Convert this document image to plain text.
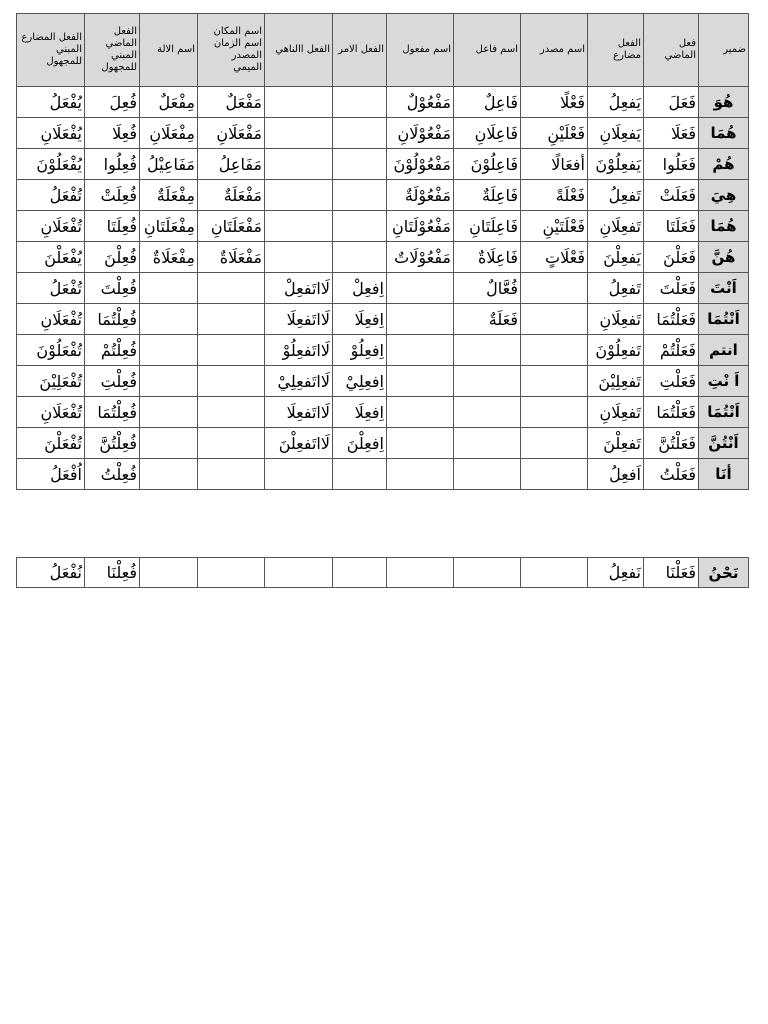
ضمير	فعل الماضي	الفعل مضارع	اسم مصدر	اسم فاعل	اسم مفعول	الفعل الامر	الفعل االناهي	اسم المكان اسم الزمان المصدر الميمي	اسم الالة	الفعل الماضي المبني للمجهول	الفعل المضارع المبني للمجهول
هُوَ	فَعَلَ	يَفعِلُ	فَعْلًا	فَاعِلٌ	مَفْعُوْلٌ			مَفْعَلٌ	مِفْعَلٌ	فُعِلَ	يُفْعَلُ
هُمَا	فَعَلَا	يَفعِلَانِ	فَعْلَيْنِ	فَاعِلَانِ	مَفْعُوْلَانِ			مَفْعَلَانِ	مِفْعَلَانِ	فُعِلَا	يُفْعَلَانِ
هُمْ	فَعَلُوا	يَفعِلُوْنَ	أفعَالًا	فَاعِلُوْنَ	مَفْعُوْلُوْنَ			مَفَاعِلُ	مَفَاعِيْلُ	فُعِلُوا	يُفْعَلُوْنَ
هِيَ	فَعَلَتْ	تَفعِلُ	فَعْلَةً	فَاعِلَةٌ	مَفْعُوْلَةٌ			مَفْعَلَةٌ	مِفْعَلَةٌ	فُعِلَتْ	تُفْعَلُ
هُمَا	فَعَلَتَا	تَفعِلَانِ	فَعْلَتَيْنِ	فَاعِلَتَانِ	مَفْعُوْلَتَانِ			مَفْعَلَتَانِ	مِفْعَلَتَانِ	فُعِلَتَا	تُفْعَلَانِ
هُنَّ	فَعَلْنَ	يَفعِلْنَ	فَعْلَاتٍ	فَاعِلَاةٌ	مَفْعُوْلَاتٌ			مَفْعَلَاةٌ	مِفْعَلَاةٌ	فُعِلْنَ	يُفْعَلْنَ
اَنْتَ	فَعَلْتَ	تَفعِلُ		فُعَّالٌ		اِفعِلْ	لَااتَفعِلْ			فُعِلْتَ	تُفْعَلُ
اَنْتُمَا	فَعَلْتُمَا	تَفعِلَانِ		فَعَلَةٌ		اِفعِلَا	لَااتَفعِلَا			فُعِلْتُمَا	تُفْعَلَانِ
انتم	فَعَلْتُمْ	تَفعِلُوْنَ				اِفعِلُوْ	لَااتَفعِلُوْ			فُعِلْتُمْ	تُفْعَلُوْنَ
اَ نْتِ	فَعَلْتِ	تَفعِلِيْنَ				اِفعِلِيْ	لَااتَفعِلِيْ			فُعِلْتِ	تُفْعَلِيْنَ
اَنْتُمَا	فَعَلْتُمَا	تَفعِلَانِ				اِفعِلَا	لَااتَفعِلَا			فُعِلْتُمَا	تُفْعَلَانِ
اَنْتُنَّ	فَعَلْتُنَّ	تَفعِلْنَ				اِفعِلْنَ	لَااتَفعِلْنَ			فُعِلْتُنَّ	تُفْعَلْنَ
أنَا	فَعَلْتُ	اَفعِلُ								فُعِلْتُ	اُفْعَلُ
نَحْنُ	فَعَلْنَا	نَفعِلُ								فُعِلْنَا	نُفْعَلُ
